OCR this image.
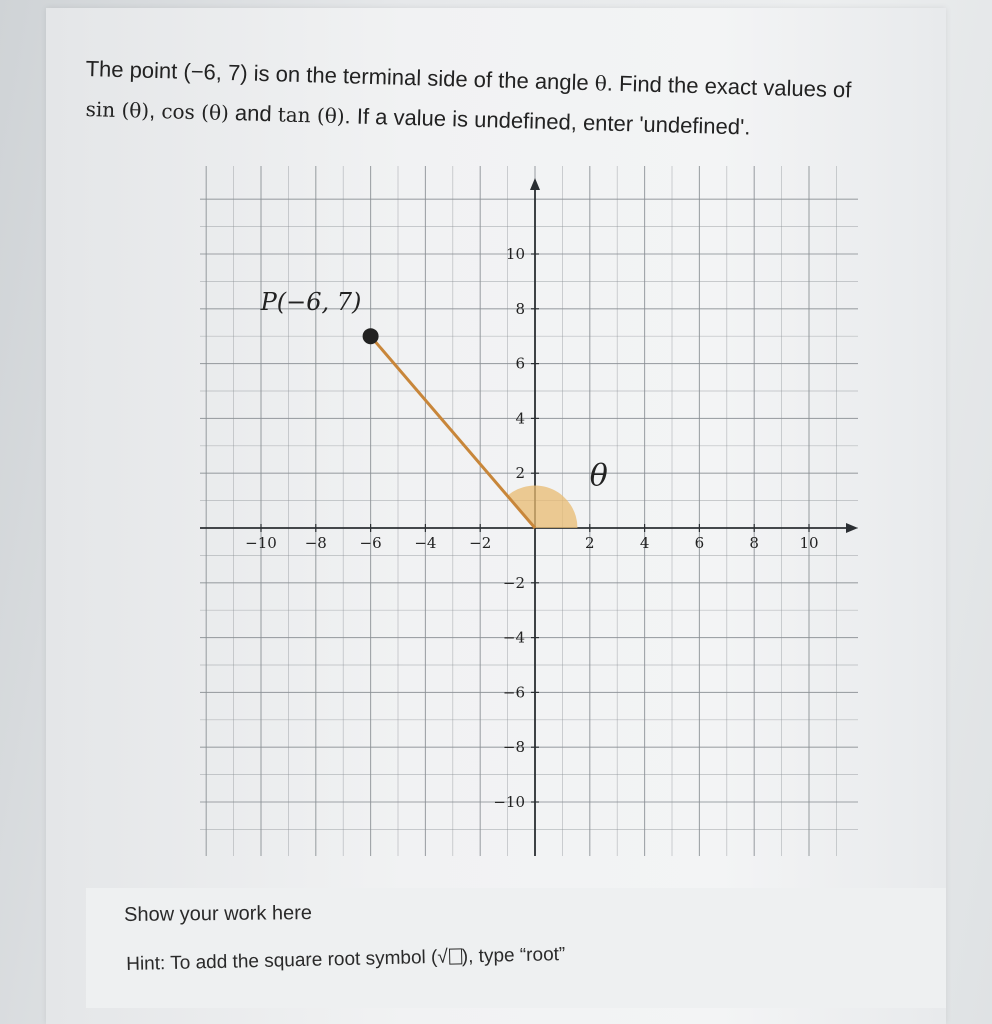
The point (−6, 7) is on the terminal side of the angle θ. Find the exact values of
sin (θ), cos (θ) and tan (θ). If a value is undefined, enter 'undefined'.
−10 −8 −6 −4 −2	2	4	6	8	10
10
8
6
4
2
−2
−4
−6
−8
−10
P(−6, 7)
θ
Show your work here
Hint: To add the square root symbol (√ ), type “root”
